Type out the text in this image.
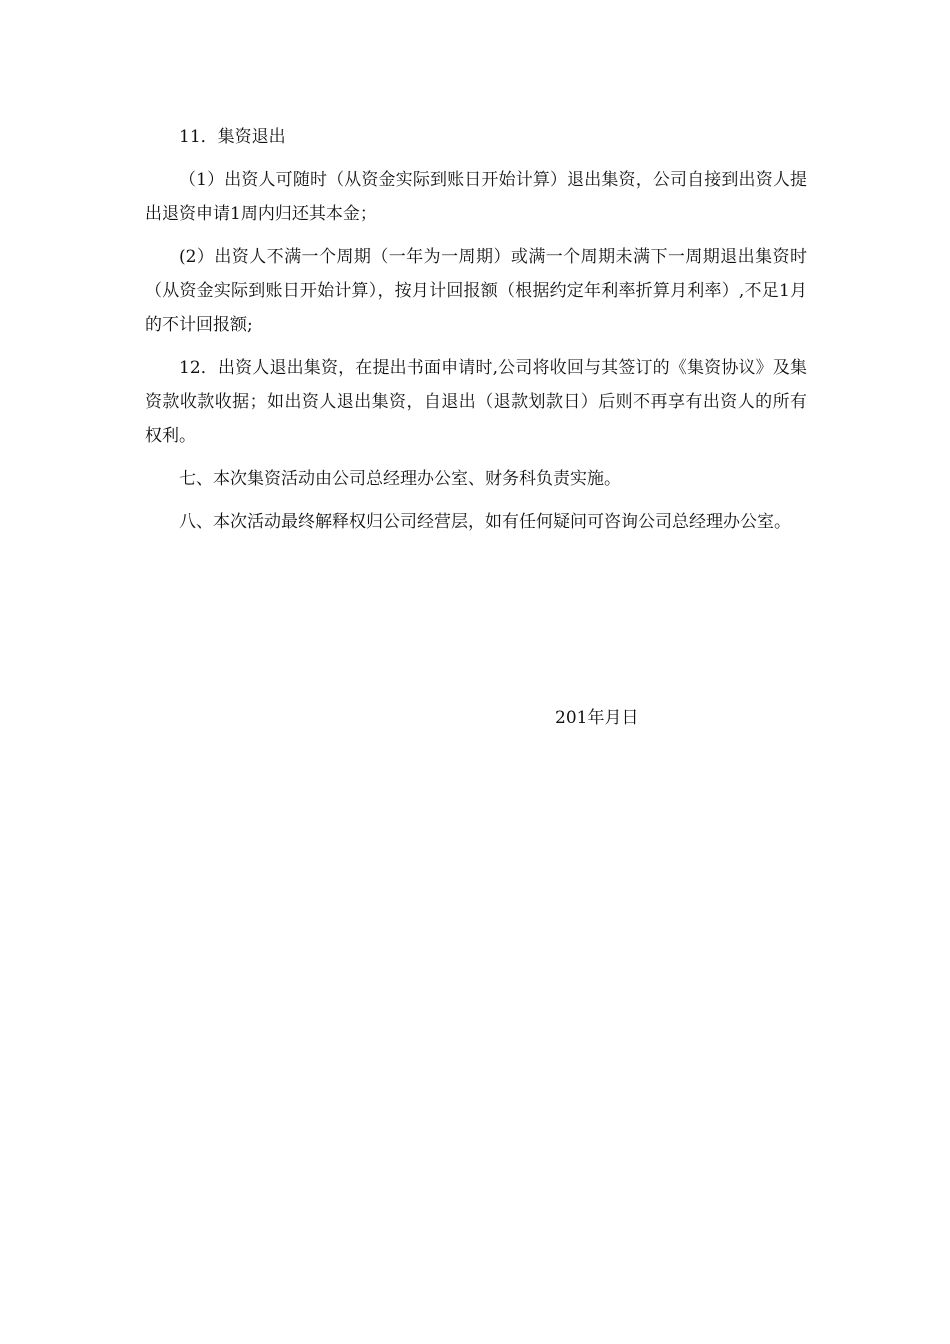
11．集资退出

（1）出资人可随时（从资金实际到账日开始计算）退出集资，公司自接到出资人提出退资申请1周内归还其本金；

(2）出资人不满一个周期（一年为一周期）或满一个周期未满下一周期退出集资时（从资金实际到账日开始计算），按月计回报额（根据约定年利率折算月利率）,不足1月的不计回报额;

12．出资人退出集资，在提出书面申请时,公司将收回与其签订的《集资协议》及集资款收款收据；如出资人退出集资，自退出（退款划款日）后则不再享有出资人的所有权利。

七、本次集资活动由公司总经理办公室、财务科负责实施。

八、本次活动最终解释权归公司经营层，如有任何疑问可咨询公司总经理办公室。

201年月日
